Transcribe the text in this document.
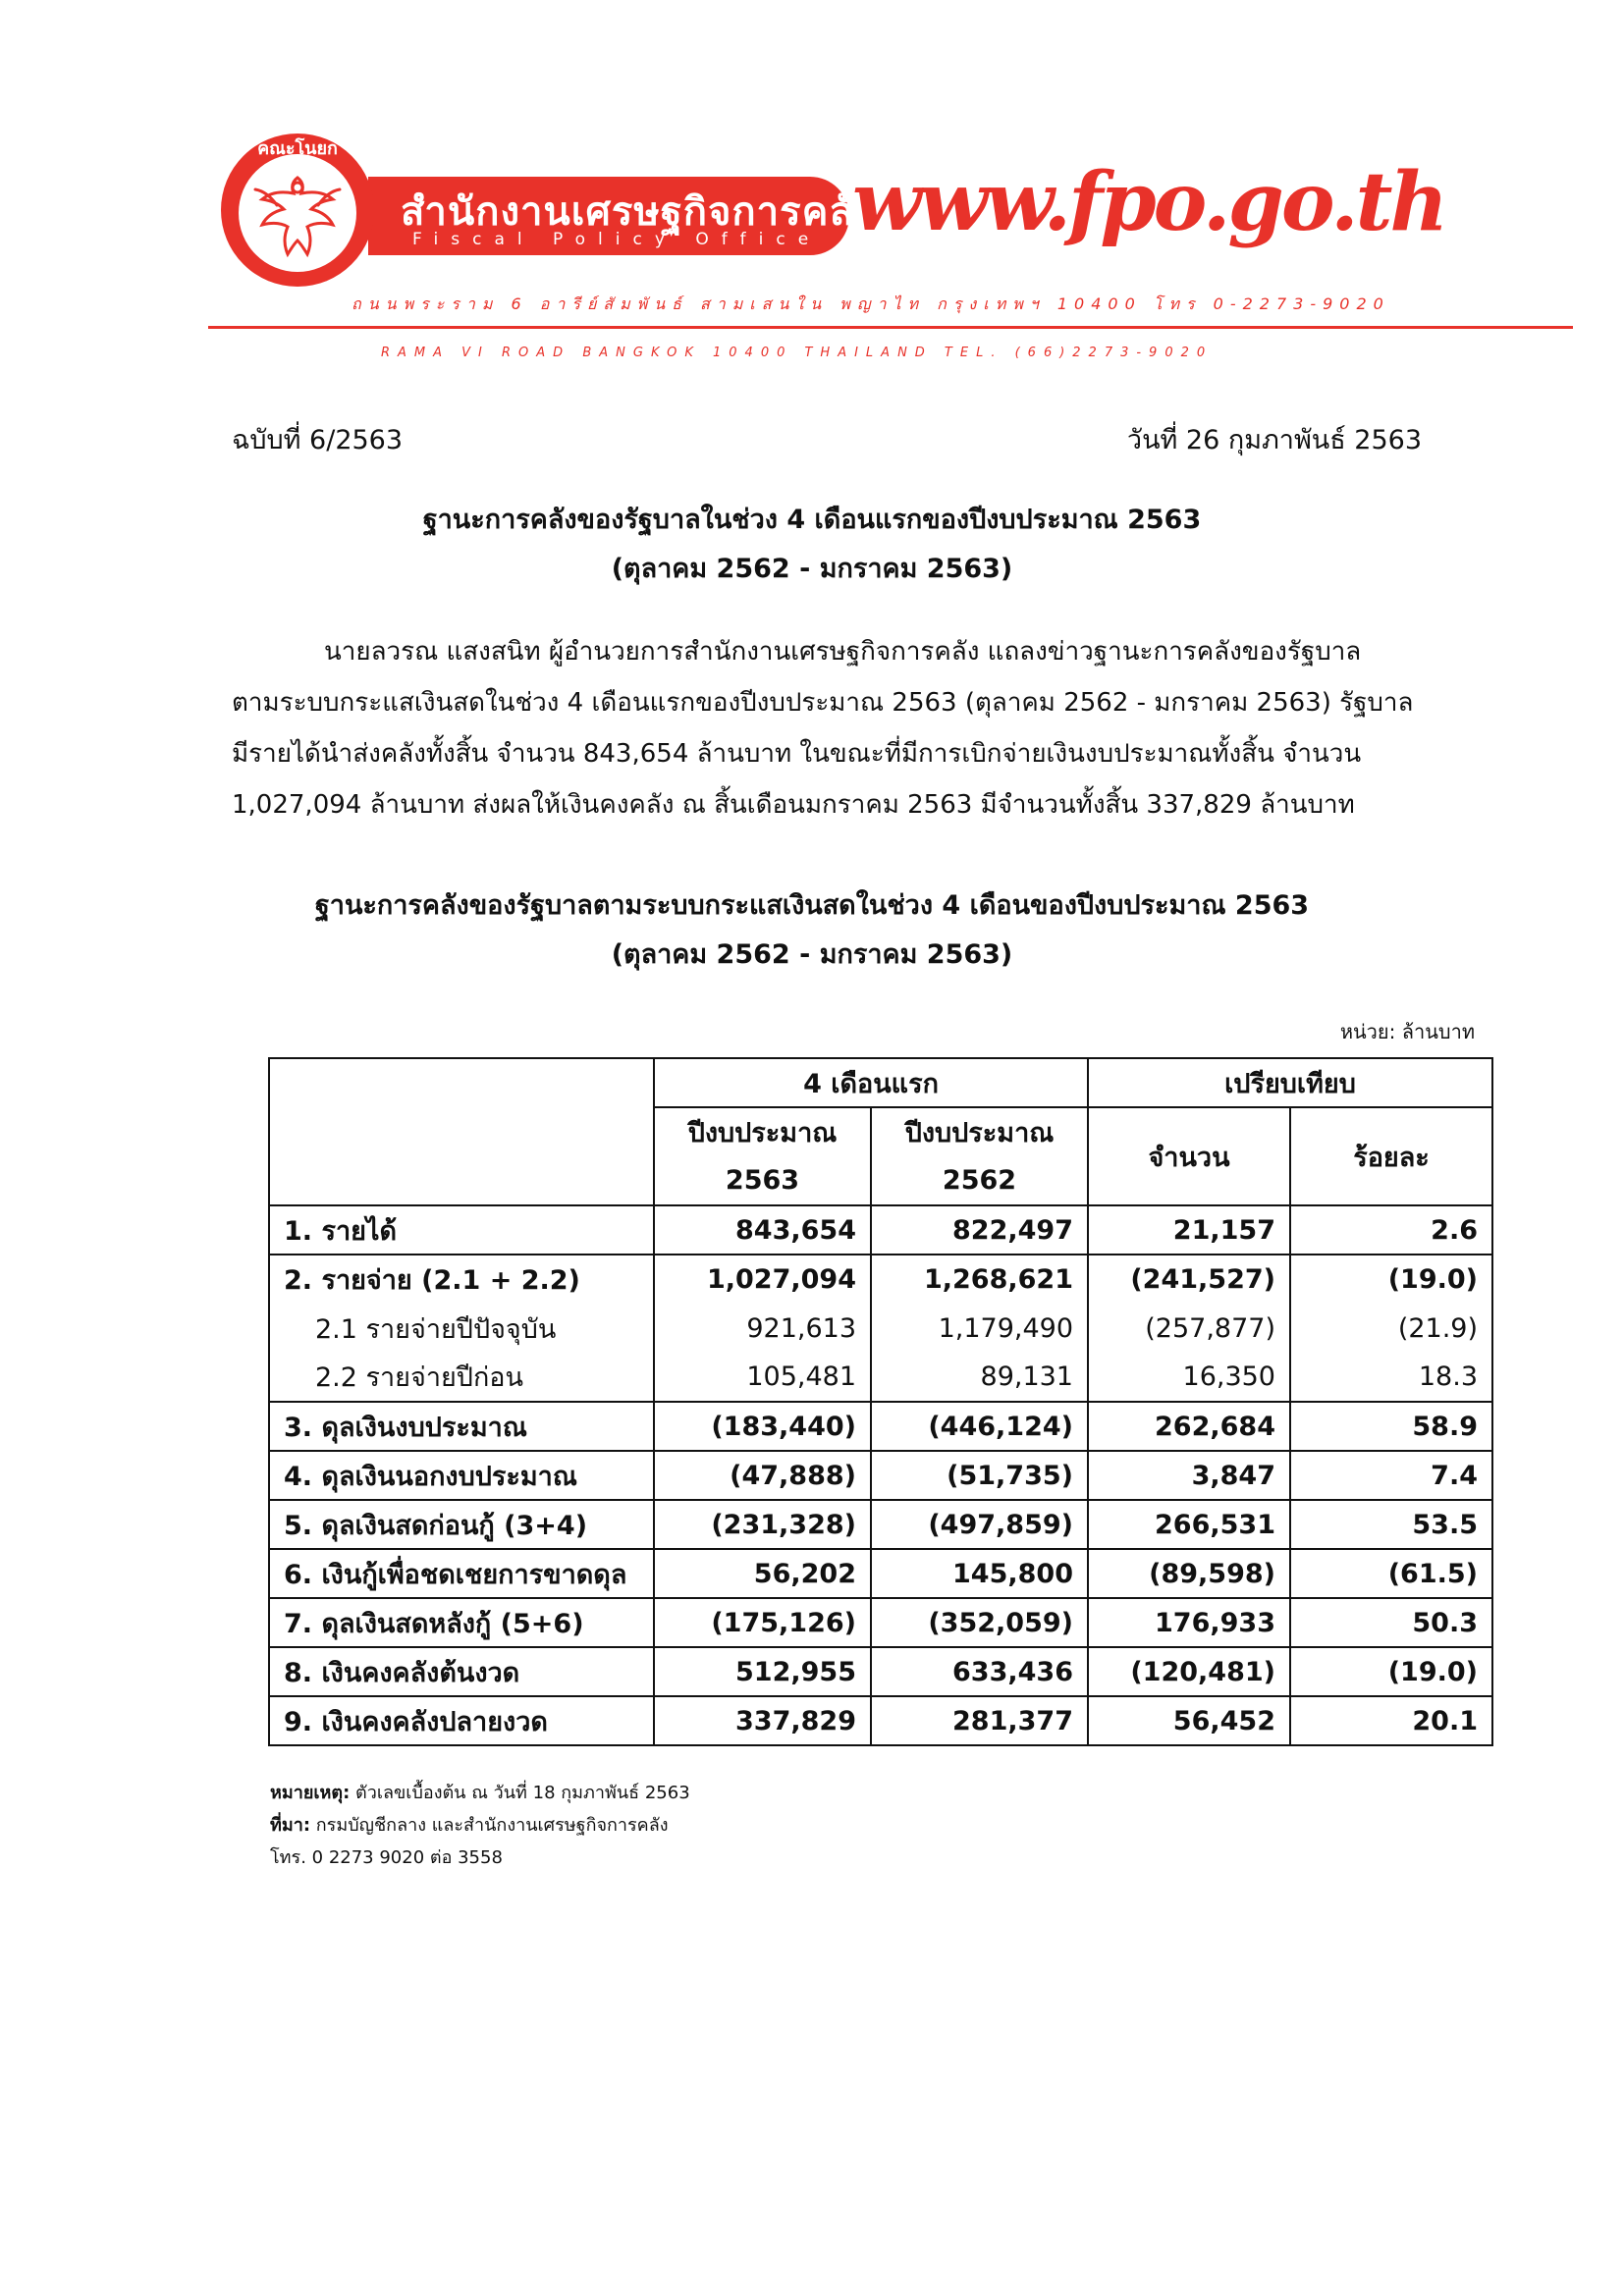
คณะโนยก
สำนักงานเศรษฐกิจการคลัง
Fiscal Policy Office www.fpo.go.th
ถนนพระราม 6 อารีย์สัมพันธ์ สามเสนใน พญาไท กรุงเทพฯ 10400 โทร 0-2273-9020
RAMA VI ROAD BANGKOK 10400 THAILAND TEL. (66)2273-9020
ฉบับที่ 6/2563	วันที่ 26 กุมภาพันธ์ 2563
ฐานะการคลังของรัฐบาลในช่วง 4 เดือนแรกของปีงบประมาณ 2563
(ตุลาคม 2562 - มกราคม 2563)
นายลวรณ แสงสนิท ผู้อำนวยการสำนักงานเศรษฐกิจการคลัง แถลงข่าวฐานะการคลังของรัฐบาล
ตามระบบกระแสเงินสดในช่วง 4 เดือนแรกของปีงบประมาณ 2563 (ตุลาคม 2562 - มกราคม 2563) รัฐบาล
มีรายได้นำส่งคลังทั้งสิ้น จำนวน 843,654 ล้านบาท ในขณะที่มีการเบิกจ่ายเงินงบประมาณทั้งสิ้น จำนวน
1,027,094 ล้านบาท ส่งผลให้เงินคงคลัง ณ สิ้นเดือนมกราคม 2563 มีจำนวนทั้งสิ้น 337,829 ล้านบาท
ฐานะการคลังของรัฐบาลตามระบบกระแสเงินสดในช่วง 4 เดือนของปีงบประมาณ 2563
(ตุลาคม 2562 - มกราคม 2563)
หน่วย: ล้านบาท
	4 เดือนแรก		เปรียบเทียบ	
	ปีงบประมาณ	ปีงบประมาณ	จำนวน	ร้อยละ
	2563	2562		
1. รายได้	843,654	822,497	21,157	2.6
2. รายจ่าย (2.1 + 2.2)	1,027,094	1,268,621	(241,527)	(19.0)
2.1 รายจ่ายปีปัจจุบัน	921,613	1,179,490	(257,877)	(21.9)
2.2 รายจ่ายปีก่อน	105,481	89,131	16,350	18.3
3. ดุลเงินงบประมาณ	(183,440)	(446,124)	262,684	58.9
4. ดุลเงินนอกงบประมาณ	(47,888)	(51,735)	3,847	7.4
5. ดุลเงินสดก่อนกู้ (3+4)	(231,328)	(497,859)	266,531	53.5
6. เงินกู้เพื่อชดเชยการขาดดุล	56,202	145,800	(89,598)	(61.5)
7. ดุลเงินสดหลังกู้ (5+6)	(175,126)	(352,059)	176,933	50.3
8. เงินคงคลังต้นงวด	512,955	633,436	(120,481)	(19.0)
9. เงินคงคลังปลายงวด	337,829	281,377	56,452	20.1
หมายเหตุ: ตัวเลขเบื้องต้น ณ วันที่ 18 กุมภาพันธ์ 2563
ที่มา: กรมบัญชีกลาง และสำนักงานเศรษฐกิจการคลัง
โทร. 0 2273 9020 ต่อ 3558
